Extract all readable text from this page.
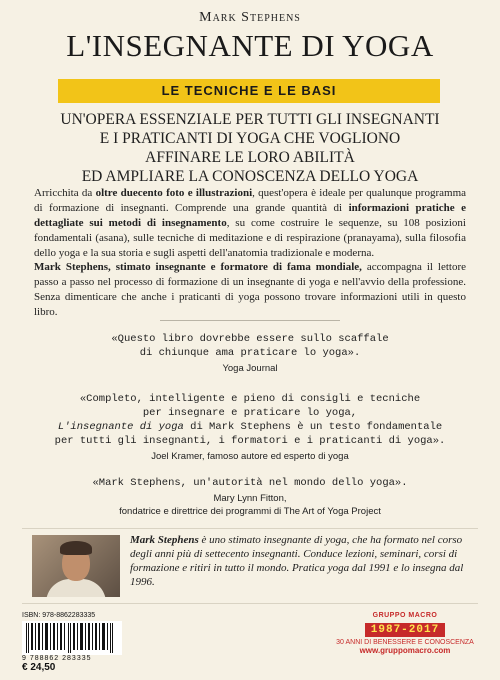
Mark Stephens
L'INSEGNANTE DI YOGA
LE TECNICHE E LE BASI
UN'OPERA ESSENZIALE PER TUTTI GLI INSEGNANTI
E I PRATICANTI DI YOGA CHE VOGLIONO
AFFINARE LE LORO ABILITÀ
ED AMPLIARE LA CONOSCENZA DELLO YOGA

Arricchita da oltre duecento foto e illustrazioni, quest'opera è ideale per qualunque programma di formazione di insegnanti. Comprende una grande quantità di informazioni pratiche e dettagliate sui metodi di insegnamento, su come costruire le sequenze, su 108 posizioni fondamentali (asana), sulle tecniche di meditazione e di respirazione (pranayama), sulla filosofia dello yoga e la sua storia e sugli aspetti dell'anatomia tradizionale e moderna.

Mark Stephens, stimato insegnante e formatore di fama mondiale, accompagna il lettore passo a passo nel processo di formazione di un insegnante di yoga e nell'avvio della professione. Senza dimenticare che anche i praticanti di yoga possono trovare informazioni utili in questo libro.

«Questo libro dovrebbe essere sullo scaffale
di chiunque ama praticare lo yoga».
Yoga Journal
«Completo, intelligente e pieno di consigli e tecniche
per insegnare e praticare lo yoga,
L'insegnante di yoga di Mark Stephens è un testo fondamentale
per tutti gli insegnanti, i formatori e i praticanti di yoga».
Joel Kramer, famoso autore ed esperto di yoga
«Mark Stephens, un'autorità nel mondo dello yoga».
Mary Lynn Fitton,
fondatrice e direttrice dei programmi di The Art of Yoga Project

Mark Stephens è uno stimato insegnante di yoga, che ha formato nel corso degli anni più di settecento insegnanti. Conduce lezioni, seminari, corsi di formazione e ritiri in tutto il mondo. Pratica yoga dal 1991 e lo insegna dal 1996.

ISBN: 978-8862283335
9 788862 283335
€ 24,50
GRUPPO MACRO
1987-2017
30 ANNI DI BENESSERE E CONOSCENZA
www.gruppomacro.com
